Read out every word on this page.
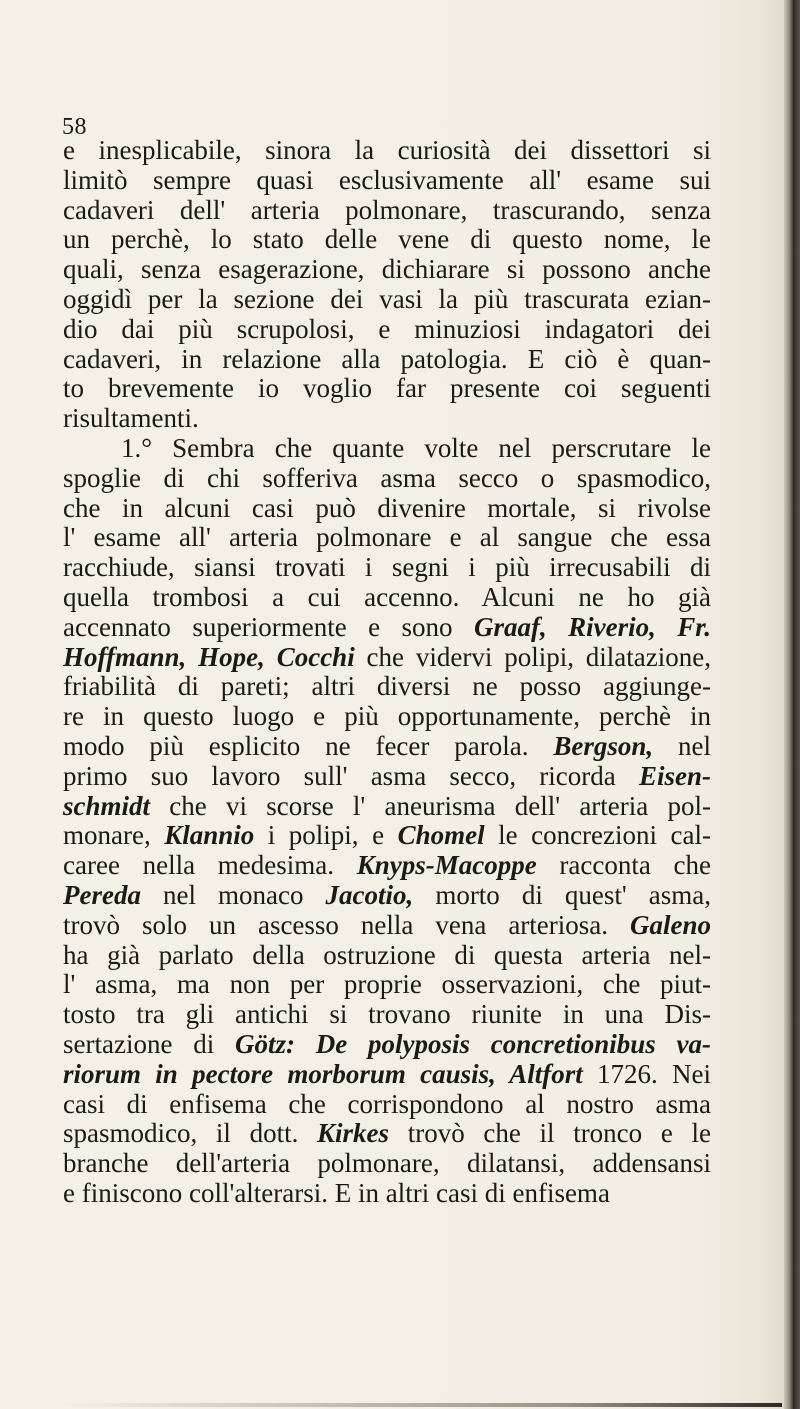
58
e inesplicabile, sinora la curiosità dei dissettori si
limitò sempre quasi esclusivamente all' esame sui
cadaveri dell' arteria polmonare, trascurando, senza
un perchè, lo stato delle vene di questo nome, le
quali, senza esagerazione, dichiarare si possono anche
oggidì per la sezione dei vasi la più trascurata ezian-
dio dai più scrupolosi, e minuziosi indagatori dei
cadaveri, in relazione alla patologia. E ciò è quan-
to brevemente io voglio far presente coi seguenti
risultamenti.
1.° Sembra che quante volte nel perscrutare le
spoglie di chi sofferiva asma secco o spasmodico,
che in alcuni casi può divenire mortale, si rivolse
l' esame all' arteria polmonare e al sangue che essa
racchiude, siansi trovati i segni i più irrecusabili di
quella trombosi a cui accenno. Alcuni ne ho già
accennato superiormente e sono Graaf, Riverio, Fr.
Hoffmann, Hope, Cocchi che vidervi polipi, dilatazione,
friabilità di pareti; altri diversi ne posso aggiunge-
re in questo luogo e più opportunamente, perchè in
modo più esplicito ne fecer parola. Bergson, nel
primo suo lavoro sull' asma secco, ricorda Eisen-
schmidt che vi scorse l' aneurisma dell' arteria pol-
monare, Klannio i polipi, e Chomel le concrezioni cal-
caree nella medesima. Knyps-Macoppe racconta che
Pereda nel monaco Jacotio, morto di quest' asma,
trovò solo un ascesso nella vena arteriosa. Galeno
ha già parlato della ostruzione di questa arteria nel-
l' asma, ma non per proprie osservazioni, che piut-
tosto tra gli antichi si trovano riunite in una Dis-
sertazione di Götz: De polyposis concretionibus va-
riorum in pectore morborum causis, Altfort 1726. Nei
casi di enfisema che corrispondono al nostro asma
spasmodico, il dott. Kirkes trovò che il tronco e le
branche dell'arteria polmonare, dilatansi, addensansi
e finiscono coll'alterarsi. E in altri casi di enfisema
